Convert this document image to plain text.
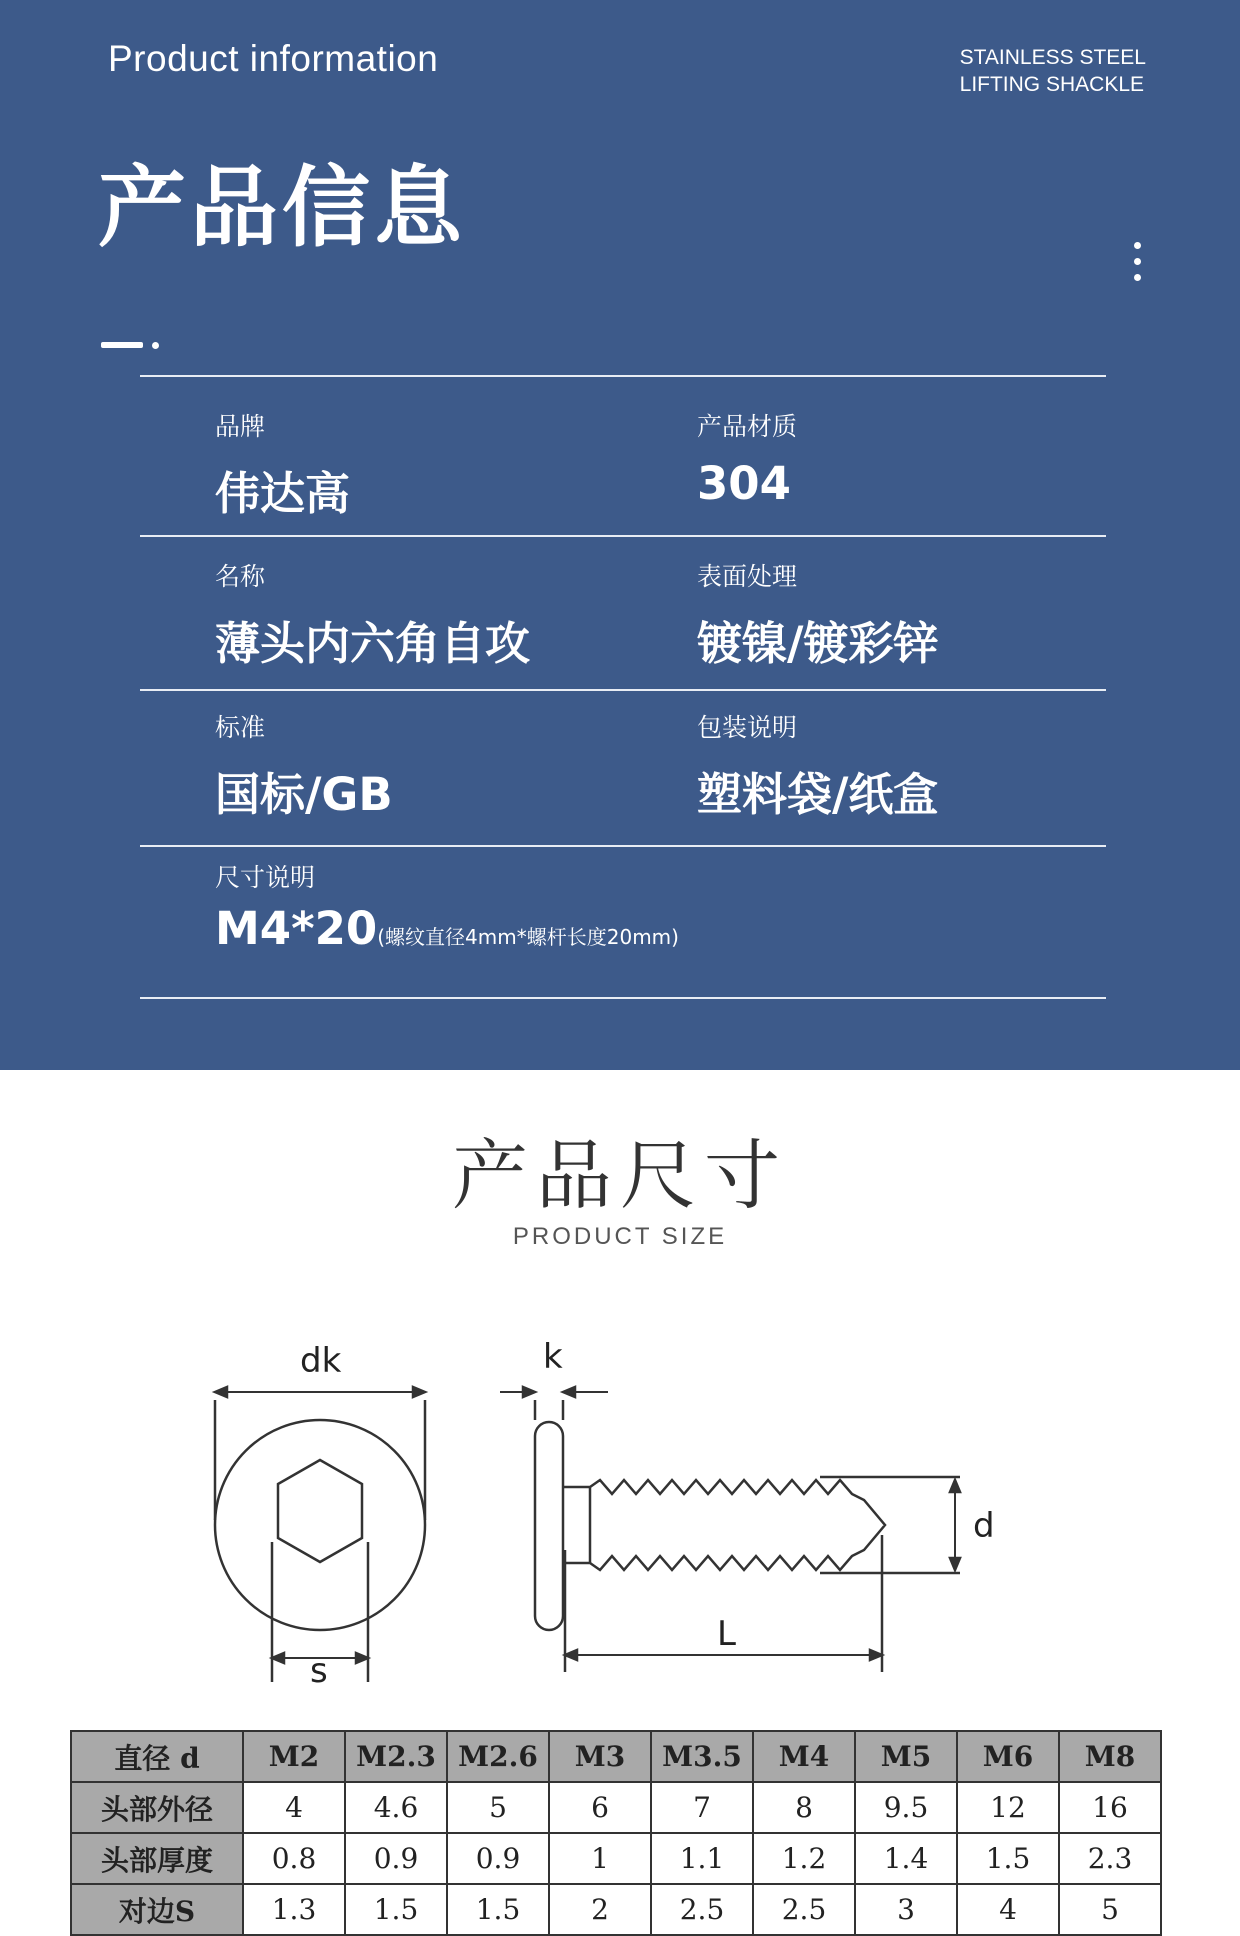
Product information	STAINLESS STEEL
LIFTING SHACKLE
产品信息
品牌
伟达高
产品材质
304
名称
薄头内六角自攻
表面处理
镀镍/镀彩锌
标准
国标/GB
包装说明
塑料袋/纸盒
尺寸说明
M4*20(螺纹直径4mm*螺杆长度20mm)
产品尺寸
PRODUCT SIZE
dk
s
k
d
L
直径 d	M2	M2.3	M2.6	M3	M3.5	M4	M5	M6	M8
头部外径	4	4.6	5	6	7	8	9.5	12	16
头部厚度	0.8	0.9	0.9	1	1.1	1.2	1.4	1.5	2.3
对边S	1.3	1.5	1.5	2	2.5	2.5	3	4	5
